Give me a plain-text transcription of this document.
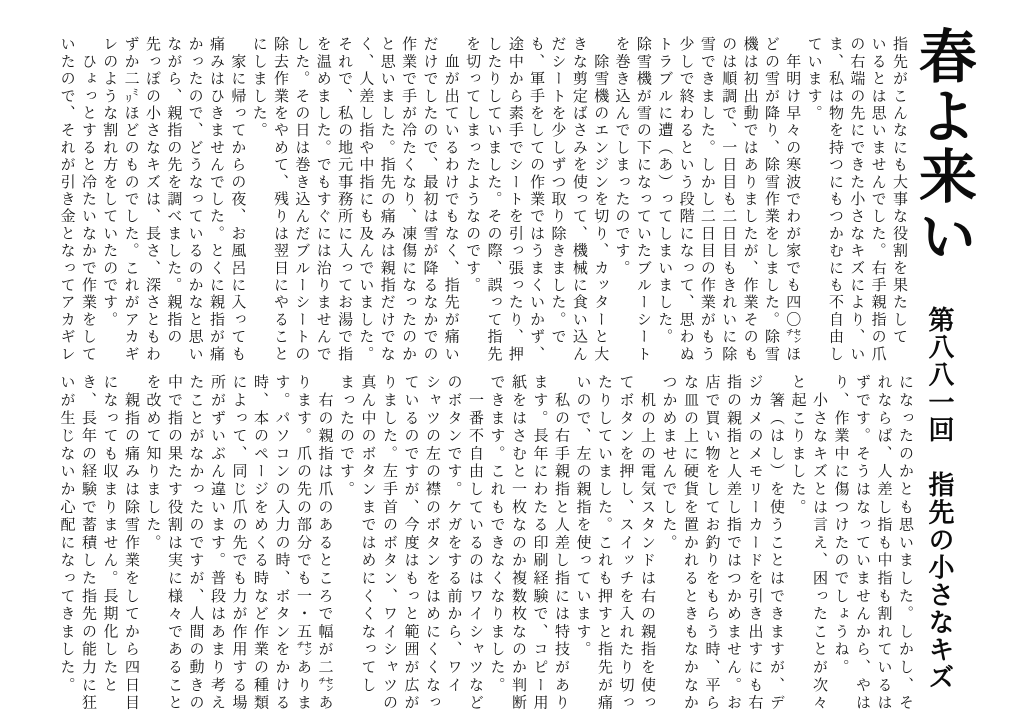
春よ来い
第八八一回　指先の小さなキズ
指先がこんなにも大事な役割を果たして
いるとは思いませんでした。右手親指の爪
の右端の先にできた小さなキズにより、い
ま、私は物を持つにもつかむにも不自由し
ています。
　年明け早々の寒波でわが家でも四〇㌢ほ
どの雪が降り、除雪作業をしました。除雪
機は初出動ではありましたが、作業そのも
のは順調で、一日目も二日目もきれいに除
雪できました。しかし二日目の作業がもう
少しで終わるという段階になって、思わぬ
トラブルに遭（あ）ってしまいました。
除雪機が雪の下になっていたブルーシート
を巻き込んでしまったのです。
　除雪機のエンジンを切り、カッターと大
きな剪定ばさみを使って、機械に食い込ん
だシートを少しずつ取り除きました。で
も、軍手をしての作業ではうまくいかず、
途中から素手でシートを引っ張ったり、押
したりしていました。その際、誤って指先
を切ってしまったようなのです。
　血が出ているわけでもなく、指先が痛い
だけでしたので、最初は雪が降るなかでの
作業で手が冷たくなり、凍傷になったのか
と思いました。指先の痛みは親指だけでな
く、人差し指や中指にも及んでいました。
それで、私の地元事務所に入ってお湯で指
を温めました。でもすぐには治りませんで
した。その日は巻き込んだブルーシートの
除去作業をやめて、残りは翌日にやること
にしました。
　家に帰ってからの夜、お風呂に入っても
痛みはひきませんでした。とくに親指が痛
かったので、どうなっているのかなと思い
ながら、親指の先を調べました。親指の
先っぽの小さなキズは、長さ、深さともわ
ずか二㍉ほどのものでした。これがアカギ
レのような割れ方をしていたのです。
　ひょっとすると冷たいなかで作業をして
いたので、それが引き金となってアカギレ
になったのかとも思いました。しかし、そ
れならば、人差し指も中指も割れているは
ずです。そうはなっていませんから、やは
り、作業中に傷つけたのでしょうね。
　小さなキズとは言え、困ったことが次々
と起こりました。
　箸（はし）を使うことはできますが、デ
ジカメのメモリーカードを引き出すにも右
指の親指と人差し指ではつかめません。お
店で買い物をしてお釣りをもらう時、平ら
な皿の上に硬貨を置かれるときもなかなか
つかめませんでした。
　机の上の電気スタンドは右の親指を使っ
てボタンを押し、スイッチを入れたり切っ
たりしていました。これも押すと指先が痛
いので、左の親指を使っています。
　私の右手親指と人差し指には特技があり
ます。長年にわたる印刷経験で、コピー用
紙をはさむと一枚なのか複数枚なのか判断
できます。これもできなくなりました。
　一番不自由しているのはワイシャツなど
のボタンです。ケガをする前から、ワイ
シャツの左の襟のボタンをはめにくくなっ
ているのですが、今度はもっと範囲が広が
りました。左手首のボタン、ワイシャツの
真ん中のボタンまではめにくくなってし
まったのです。
　右の親指は爪のあるところで幅が二㌢あ
ります。爪の先の部分でも一・五㌢ありま
す。パソコンの入力の時、ボタンをかける
時、本のページをめくる時など作業の種類
によって、同じ爪の先でも力が作用する場
所がずいぶん違います。普段はあまり考え
たことがなかったのですが、人間の動きの
中で指の果たす役割は実に様々であること
を改めて知りました。
　親指の痛みは除雪作業をしてから四日目
になっても収まりません。長期化したと
き、長年の経験で蓄積した指先の能力に狂
いが生じないか心配になってきました。
